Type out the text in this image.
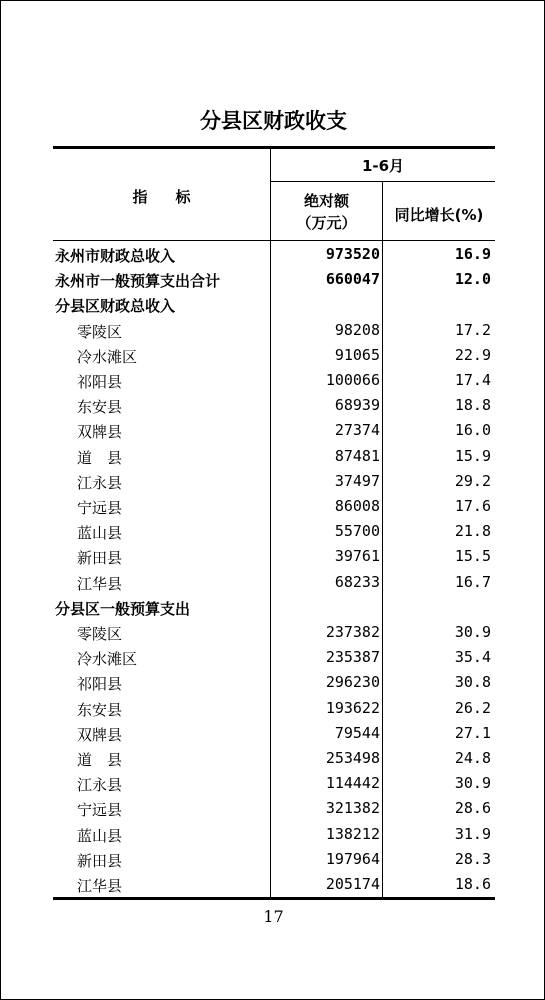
分县区财政收支
指标
1-6月
绝对额
（万元）	同比增长(%)
永州市财政总收入	973520	16.9
永州市一般预算支出合计	660047	12.0
分县区财政总收入
零陵区	98208	17.2
冷水滩区	91065	22.9
祁阳县	100066	17.4
东安县	68939	18.8
双牌县	27374	16.0
道　县	87481	15.9
江永县	37497	29.2
宁远县	86008	17.6
蓝山县	55700	21.8
新田县	39761	15.5
江华县	68233	16.7
分县区一般预算支出
零陵区	237382	30.9
冷水滩区	235387	35.4
祁阳县	296230	30.8
东安县	193622	26.2
双牌县	79544	27.1
道　县	253498	24.8
江永县	114442	30.9
宁远县	321382	28.6
蓝山县	138212	31.9
新田县	197964	28.3
江华县	205174	18.6
17
